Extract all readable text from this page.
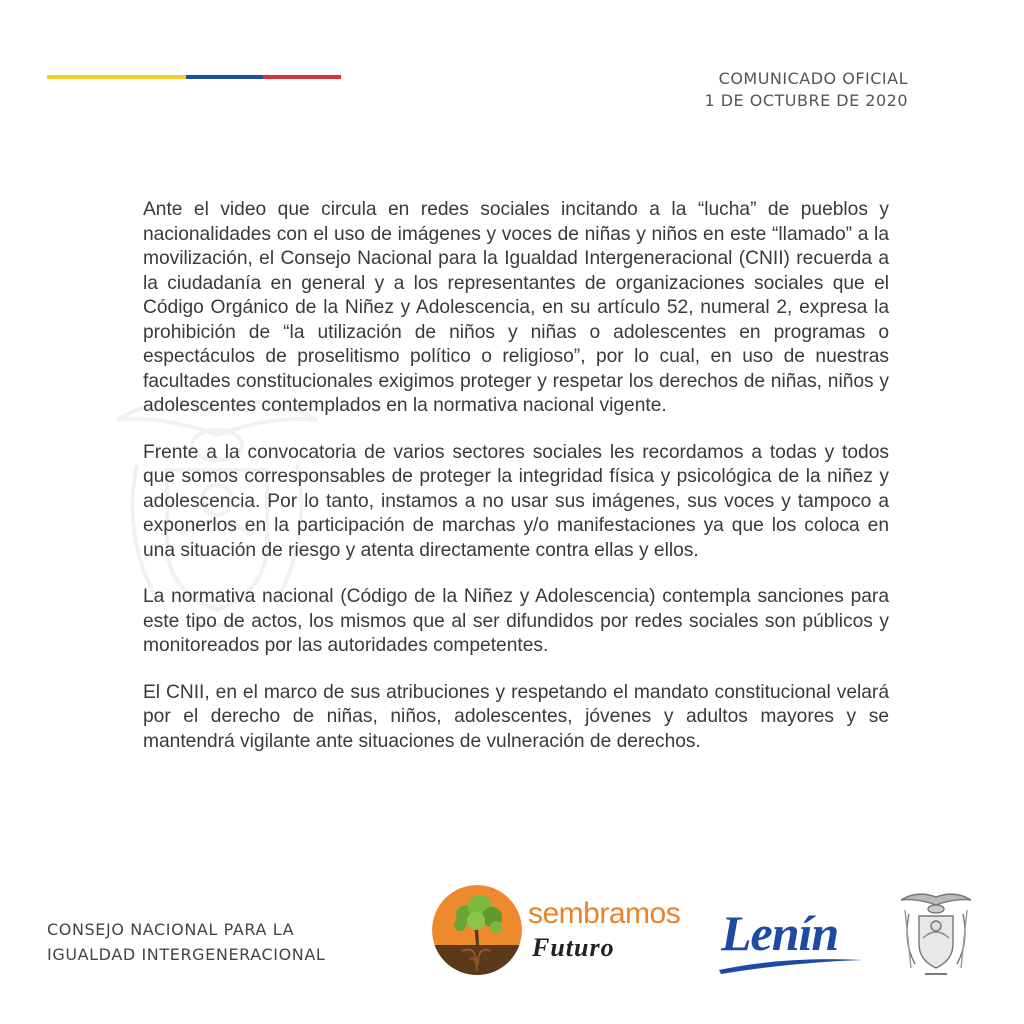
COMUNICADO OFICIAL
1 DE OCTUBRE DE 2020

Ante el video que circula en redes sociales incitando a la “lucha” de pueblos y nacionalidades con el uso de imágenes y voces de niñas y niños en este “llamado” a la movilización, el Consejo Nacional para la Igualdad Intergeneracional (CNII) recuerda a la ciudadanía en general y a los representantes de organizaciones sociales que el Código Orgánico de la Niñez y Adolescencia, en su artículo 52, numeral 2, expresa la prohibición de “la utilización de niños y niñas o adolescentes en programas o espectáculos de proselitismo político o religioso”, por lo cual, en uso de nuestras facultades constitucionales exigimos proteger y respetar los derechos de niñas, niños y adolescentes contemplados en la normativa nacional vigente.

Frente a la convocatoria de varios sectores sociales les recordamos a todas y todos que somos corresponsables de proteger la integridad física y psicológica de la niñez y adolescencia. Por lo tanto, instamos a no usar sus imágenes, sus voces y tampoco a exponerlos en la participación de marchas y/o manifestaciones ya que los coloca en una situación de riesgo y atenta directamente contra ellas y ellos.

La normativa nacional (Código de la Niñez y Adolescencia) contempla sanciones para este tipo de actos, los mismos que al ser difundidos por redes sociales son públicos y monitoreados por las autoridades competentes.

El CNII, en el marco de sus atribuciones y respetando el mandato constitucional velará por el derecho de niñas, niños, adolescentes, jóvenes y adultos mayores y se mantendrá vigilante ante situaciones de vulneración de derechos.

CONSEJO NACIONAL PARA LA
IGUALDAD INTERGENERACIONAL
sembramos
Futuro Lenín
